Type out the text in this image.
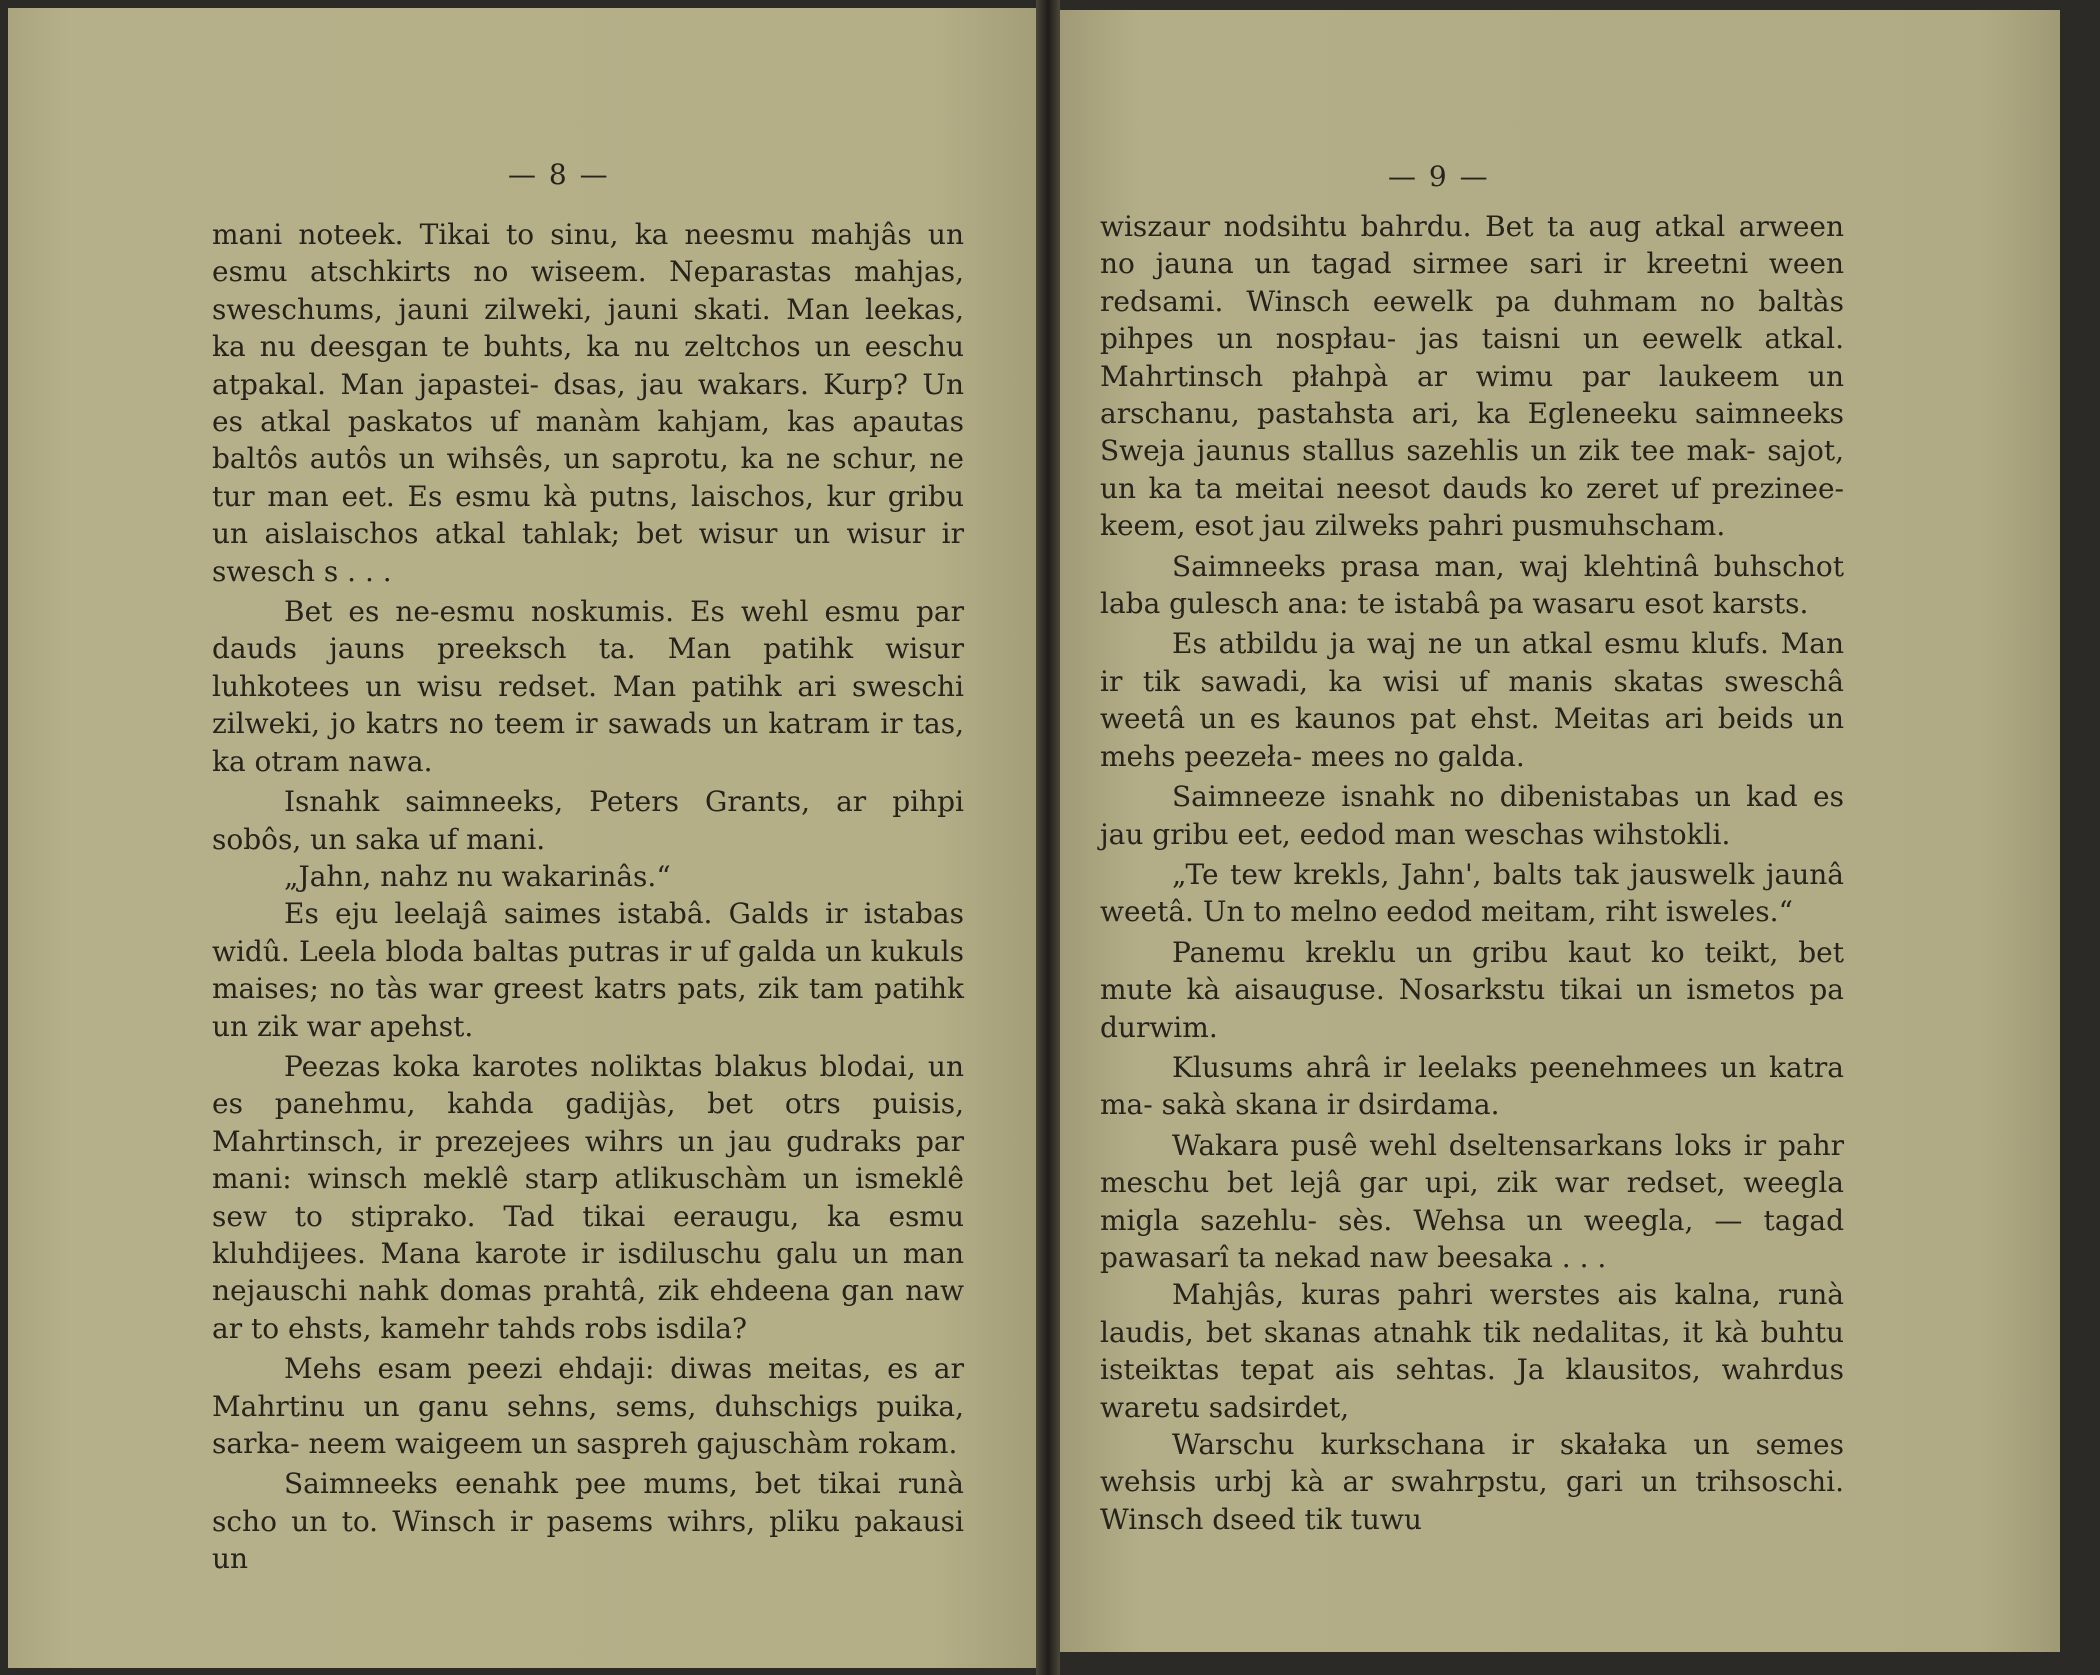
— 8 —

mani noteek. Tikai to sinu, ka neesmu mahjâs un esmu atschkirts no wiseem. Neparastas mahjas, sweschums, jauni zilweki, jauni skati. Man leekas, ka nu deesgan te buhts, ka nu zeltchos un eeschu atpakal. Man japastei- dsas, jau wakars. Kurp? Un es atkal paskatos uf manàm kahjam, kas apautas baltôs autôs un wihsês, un saprotu, ka ne schur, ne tur man eet. Es esmu kà putns, laischos, kur gribu un aislaischos atkal tahlak; bet wisur un wisur ir swesch s . . .

Bet es ne-esmu noskumis. Es wehl esmu par dauds jauns preeksch ta. Man patihk wisur luhkotees un wisu redset. Man patihk ari sweschi zilweki, jo katrs no teem ir sawads un katram ir tas, ka otram nawa.

Isnahk saimneeks, Peters Grants, ar pihpi sobôs, un saka uf mani.

„Jahn, nahz nu wakarinâs.“

Es eju leelajâ saimes istabâ. Galds ir istabas widû. Leela bloda baltas putras ir uf galda un kukuls maises; no tàs war greest katrs pats, zik tam patihk un zik war apehst.

Peezas koka karotes noliktas blakus blodai, un es panehmu, kahda gadijàs, bet otrs puisis, Mahrtinsch, ir prezejees wihrs un jau gudraks par mani: winsch meklê starp atlikuschàm un ismeklê sew to stiprako. Tad tikai eeraugu, ka esmu kluhdijees. Mana karote ir isdiluschu galu un man nejauschi nahk domas prahtâ, zik ehdeena gan naw ar to ehsts, kamehr tahds robs isdila?

Mehs esam peezi ehdaji: diwas meitas, es ar Mahrtinu un ganu sehns, sems, duhschigs puika, sarka- neem waigeem un saspreh gajuschàm rokam.

Saimneeks eenahk pee mums, bet tikai runà scho un to. Winsch ir pasems wihrs, pliku pakausi un

— 9 —

wiszaur nodsihtu bahrdu. Bet ta aug atkal arween no jauna un tagad sirmee sari ir kreetni ween redsami. Winsch eewelk pa duhmam no baltàs pihpes un nospłau- jas taisni un eewelk atkal. Mahrtinsch płahpà ar wimu par laukeem un arschanu, pastahsta ari, ka Egleneeku saimneeks Sweja jaunus stallus sazehlis un zik tee mak- sajot, un ka ta meitai neesot dauds ko zeret uf prezinee- keem, esot jau zilweks pahri pusmuhscham.

Saimneeks prasa man, waj klehtinâ buhschot laba gulesch ana: te istabâ pa wasaru esot karsts.

Es atbildu ja waj ne un atkal esmu klufs. Man ir tik sawadi, ka wisi uf manis skatas sweschâ weetâ un es kaunos pat ehst. Meitas ari beids un mehs peezeła- mees no galda.

Saimneeze isnahk no dibenistabas un kad es jau gribu eet, eedod man weschas wihstokli.

„Te tew krekls, Jahn', balts tak jauswelk jaunâ weetâ. Un to melno eedod meitam, riht isweles.“

Panemu kreklu un gribu kaut ko teikt, bet mute kà aisauguse. Nosarkstu tikai un ismetos pa durwim.

Klusums ahrâ ir leelaks peenehmees un katra ma- sakà skana ir dsirdama.

Wakara pusê wehl dseltensarkans loks ir pahr meschu bet lejâ gar upi, zik war redset, weegla migla sazehlu- sès. Wehsa un weegla, — tagad pawasarî ta nekad naw beesaka . . .

Mahjâs, kuras pahri werstes ais kalna, runà laudis, bet skanas atnahk tik nedalitas, it kà buhtu isteiktas tepat ais sehtas. Ja klausitos, wahrdus waretu sadsirdet,

Warschu kurkschana ir skałaka un semes wehsis urbj kà ar swahrpstu, gari un trihsoschi. Winsch dseed tik tuwu
